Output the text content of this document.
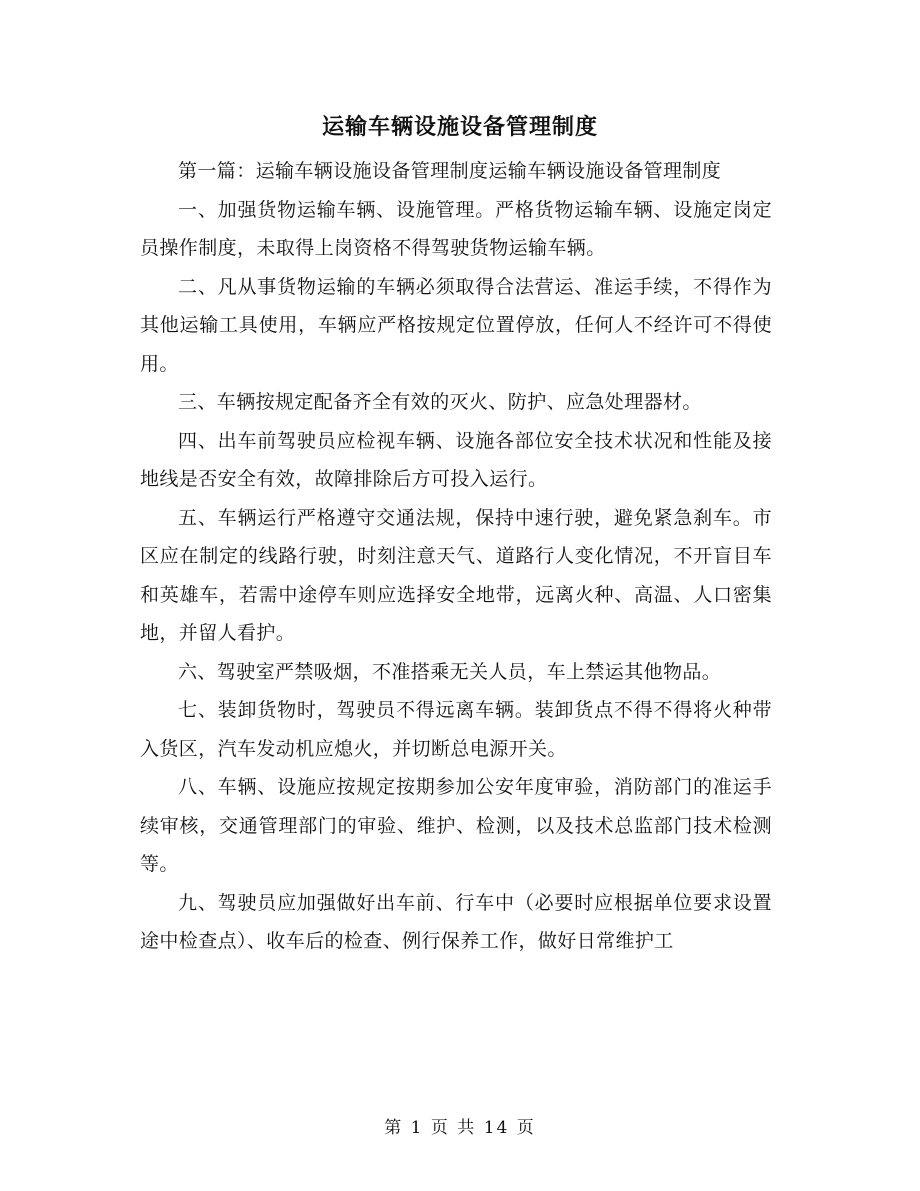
运输车辆设施设备管理制度

第一篇：运输车辆设施设备管理制度运输车辆设施设备管理制度

一、加强货物运输车辆、设施管理。严格货物运输车辆、设施定岗定员操作制度，未取得上岗资格不得驾驶货物运输车辆。

二、凡从事货物运输的车辆必须取得合法营运、准运手续，不得作为其他运输工具使用，车辆应严格按规定位置停放，任何人不经许可不得使用。

三、车辆按规定配备齐全有效的灭火、防护、应急处理器材。

四、出车前驾驶员应检视车辆、设施各部位安全技术状况和性能及接地线是否安全有效，故障排除后方可投入运行。

五、车辆运行严格遵守交通法规，保持中速行驶，避免紧急刹车。市区应在制定的线路行驶，时刻注意天气、道路行人变化情况，不开盲目车和英雄车，若需中途停车则应选择安全地带，远离火种、高温、人口密集地，并留人看护。

六、驾驶室严禁吸烟，不准搭乘无关人员，车上禁运其他物品。

七、装卸货物时，驾驶员不得远离车辆。装卸货点不得不得将火种带入货区，汽车发动机应熄火，并切断总电源开关。

八、车辆、设施应按规定按期参加公安年度审验，消防部门的准运手续审核，交通管理部门的审验、维护、检测，以及技术总监部门技术检测等。

九、驾驶员应加强做好出车前、行车中（必要时应根据单位要求设置途中检查点）、收车后的检查、例行保养工作，做好日常维护工

第 1 页 共 14 页
